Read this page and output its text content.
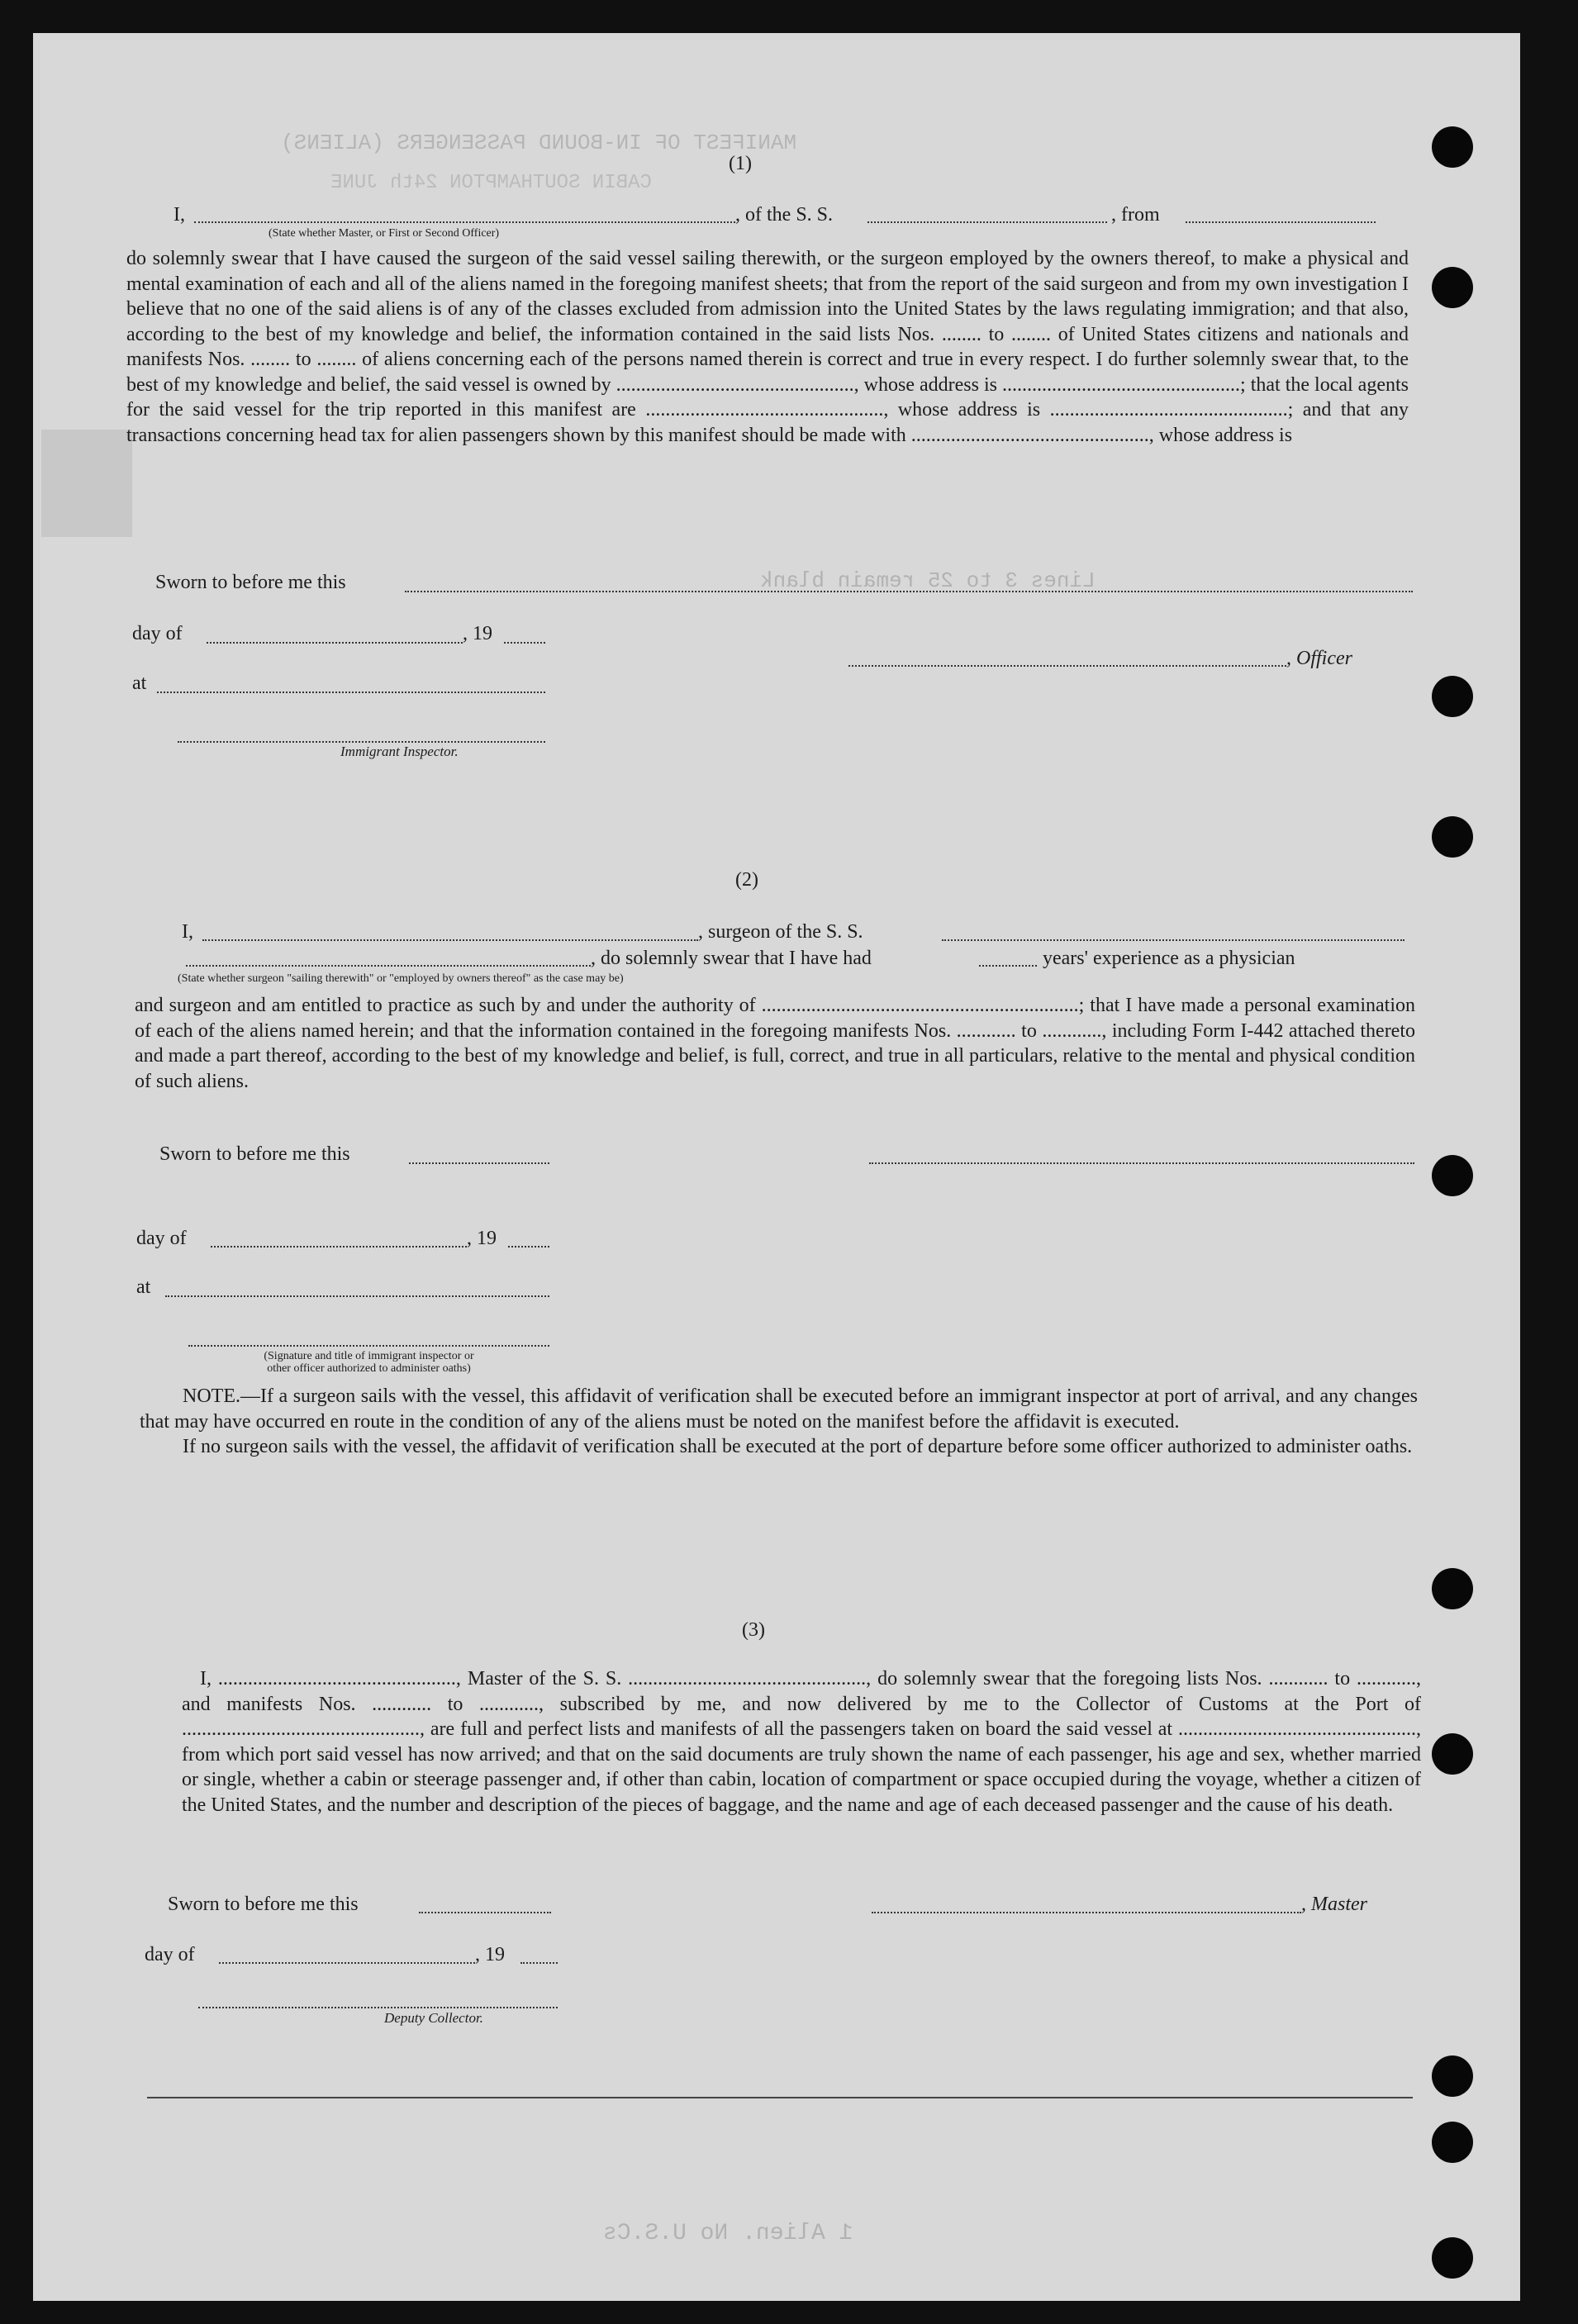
MANIFEST OF IN-BOUND PASSENGERS (ALIENS)
CABIN SOUTHAMPTON 24th JUNE
Lines 3 to 25 remain blank
1 Alien. No U.S.Cs
(1)
I,	, of the S. S.	, from
(State whether Master, or First or Second Officer)

do solemnly swear that I have caused the surgeon of the said vessel sailing therewith, or the surgeon employed by the owners thereof, to make a physical and mental examination of each and all of the aliens named in the foregoing manifest sheets; that from the report of the said surgeon and from my own investigation I believe that no one of the said aliens is of any of the classes excluded from admission into the United States by the laws regulating immigration; and that also, according to the best of my knowledge and belief, the information contained in the said lists Nos. ........ to ........ of United States citizens and nationals and manifests Nos. ........ to ........ of aliens concerning each of the persons named therein is correct and true in every respect. I do further solemnly swear that, to the best of my knowledge and belief, the said vessel is owned by ................................................, whose address is ................................................; that the local agents for the said vessel for the trip reported in this manifest are ................................................, whose address is ................................................; and that any transactions concerning head tax for alien passengers shown by this manifest should be made with ................................................, whose address is

Sworn to before me this
day of	, 19
, Officer
at
Immigrant Inspector.
(2)
I,	, surgeon of the S. S.
, do solemnly swear that I have had	years' experience as a physician
(State whether surgeon "sailing therewith" or "employed by owners thereof" as the case may be)

and surgeon and am entitled to practice as such by and under the authority of ................................................................; that I have made a personal examination of each of the aliens named herein; and that the information contained in the foregoing manifests Nos. ............ to ............, including Form I-442 attached thereto and made a part thereof, according to the best of my knowledge and belief, is full, correct, and true in all particulars, relative to the mental and physical condition of such aliens.

Sworn to before me this
day of	, 19
at
(Signature and title of immigrant inspector or
other officer authorized to administer oaths)

NOTE.—If a surgeon sails with the vessel, this affidavit of verification shall be executed before an immigrant inspector at port of arrival, and any changes that may have occurred en route in the condition of any of the aliens must be noted on the manifest before the affidavit is executed.

If no surgeon sails with the vessel, the affidavit of verification shall be executed at the port of departure before some officer authorized to administer oaths.

(3)

I, ................................................, Master of the S. S. ................................................, do solemnly swear that the foregoing lists Nos. ............ to ............, and manifests Nos. ............ to ............, subscribed by me, and now delivered by me to the Collector of Customs at the Port of ................................................, are full and perfect lists and manifests of all the passengers taken on board the said vessel at ................................................, from which port said vessel has now arrived; and that on the said documents are truly shown the name of each passenger, his age and sex, whether married or single, whether a cabin or steerage passenger and, if other than cabin, location of compartment or space occupied during the voyage, whether a citizen of the United States, and the number and description of the pieces of baggage, and the name and age of each deceased passenger and the cause of his death.

Sworn to before me this	, Master
day of	, 19
Deputy Collector.
